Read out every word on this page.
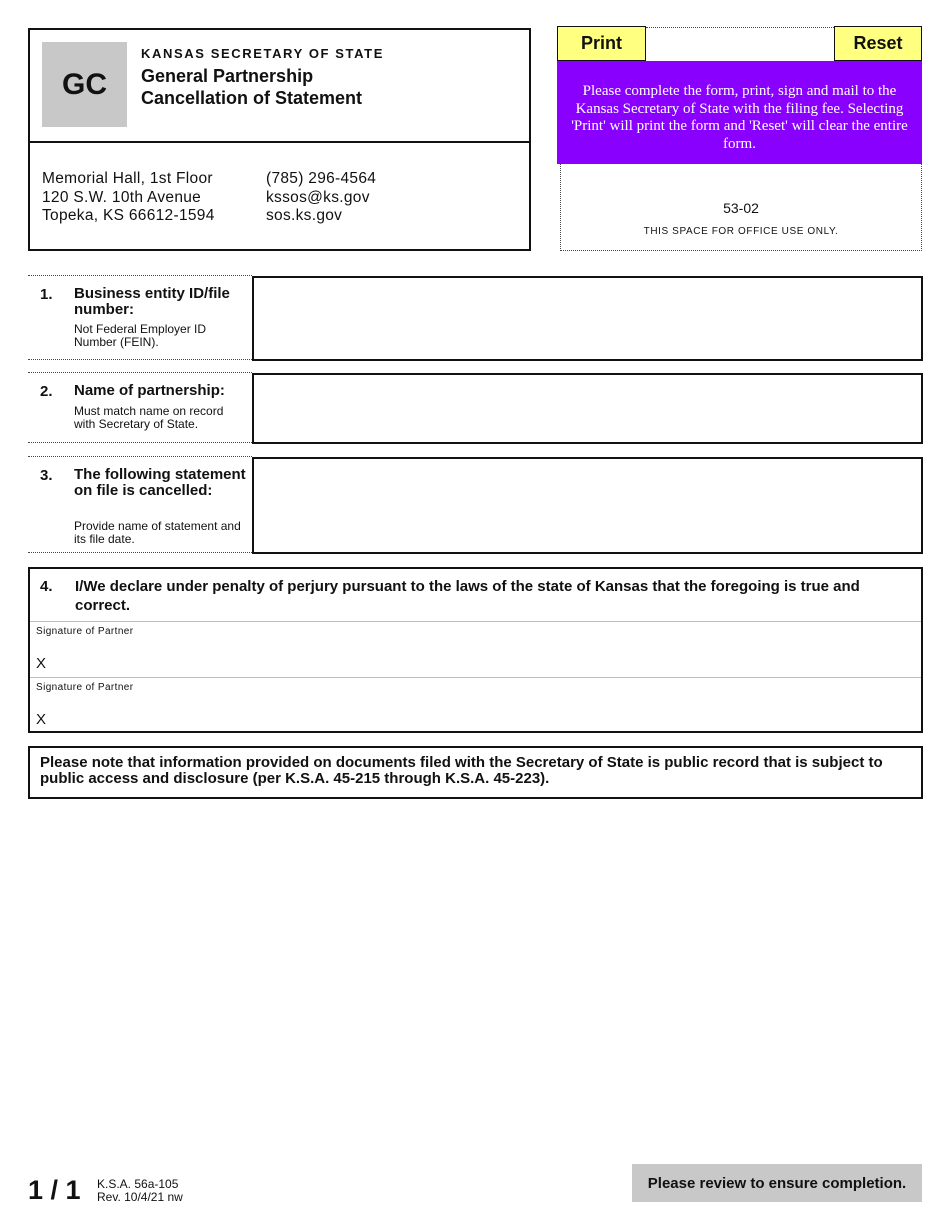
GC
KANSAS SECRETARY OF STATE
General Partnership
Cancellation of Statement
Memorial Hall, 1st Floor
120 S.W. 10th Avenue
Topeka, KS 66612-1594
(785) 296-4564
kssos@ks.gov
sos.ks.gov
Print	Reset
Please complete the form, print, sign and mail to the Kansas Secretary of State with the filing fee. Selecting 'Print' will print the form and 'Reset' will clear the entire form.
53-02
THIS SPACE FOR OFFICE USE ONLY.
1. Business entity ID/file number:
Not Federal Employer ID Number (FEIN).
2. Name of partnership:
Must match name on record with Secretary of State.
3. The following statement on file is cancelled:
Provide name of statement and its file date.
4. I/We declare under penalty of perjury pursuant to the laws of the state of Kansas that the foregoing is true and correct.
Signature of Partner
X
Signature of Partner
X
Please note that information provided on documents filed with the Secretary of State is public record that is subject to public access and disclosure (per K.S.A. 45-215 through K.S.A. 45-223).
1 / 1 K.S.A. 56a-105
Rev. 10/4/21 nw
Please review to ensure completion.
